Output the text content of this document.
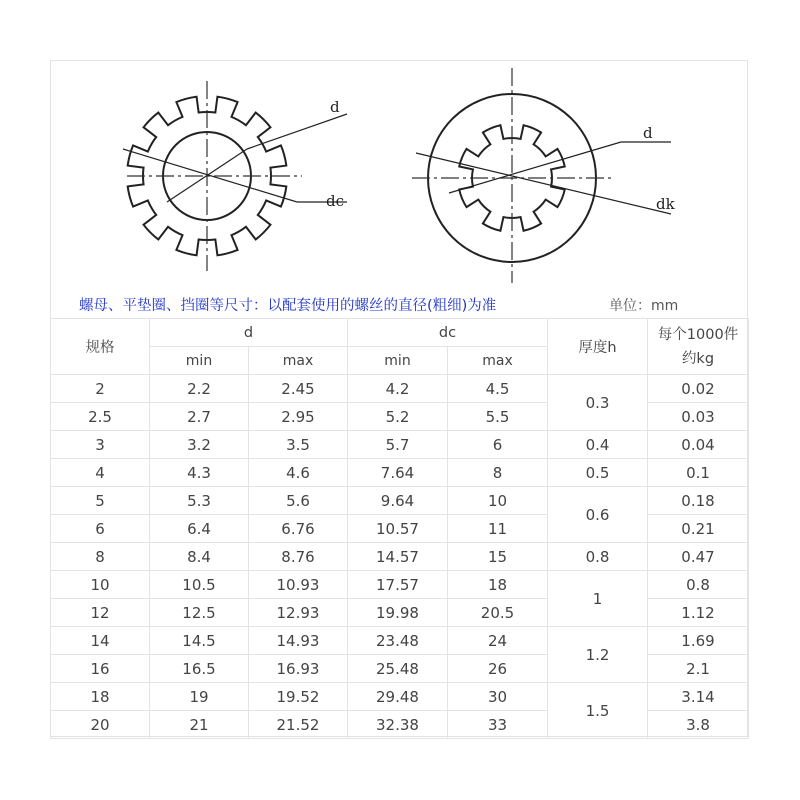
d
dc
d
dk
螺母、平垫圈、挡圈等尺寸：以配套使用的螺丝的直径(粗细)为准	单位：mm
规格	d		dc		厚度h	每个1000件
约kg
	min	max	min	max		
2	2.2	2.45	4.2	4.5	0.3	0.02
2.5	2.7	2.95	5.2	5.5		0.03
3	3.2	3.5	5.7	6	0.4	0.04
4	4.3	4.6	7.64	8	0.5	0.1
5	5.3	5.6	9.64	10	0.6	0.18
6	6.4	6.76	10.57	11		0.21
8	8.4	8.76	14.57	15	0.8	0.47
10	10.5	10.93	17.57	18	1	0.8
12	12.5	12.93	19.98	20.5		1.12
14	14.5	14.93	23.48	24	1.2	1.69
16	16.5	16.93	25.48	26		2.1
18	19	19.52	29.48	30	1.5	3.14
20	21	21.52	32.38	33		3.8
